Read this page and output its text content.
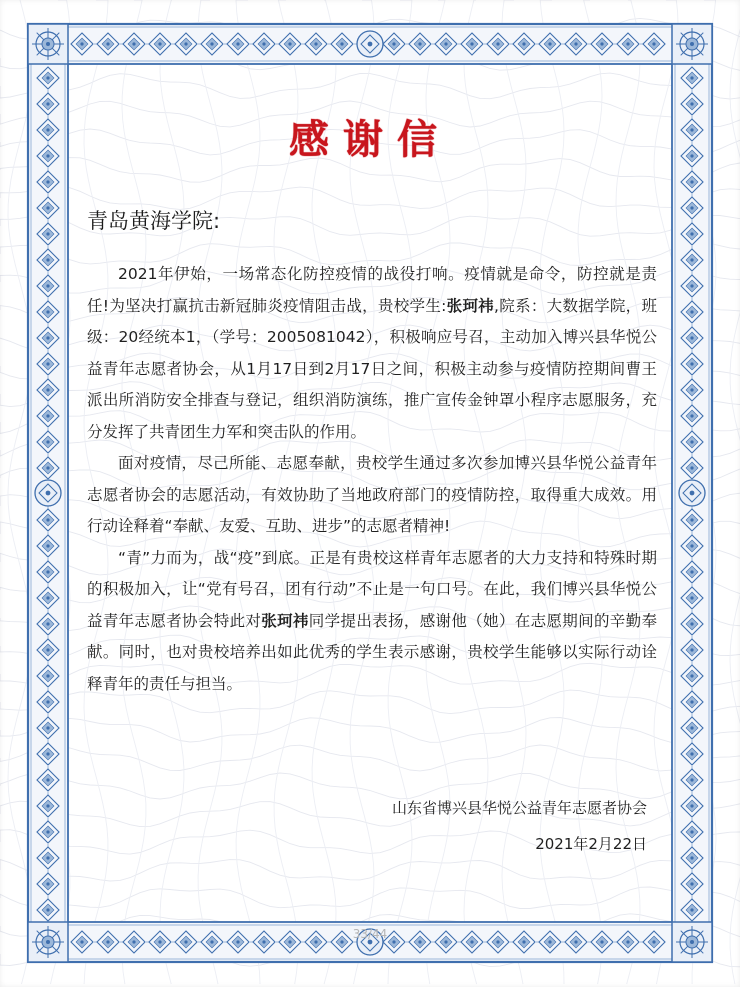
感谢信
青岛黄海学院:

2021年伊始，一场常态化防控疫情的战役打响。疫情就是命令，防控就是责任!为坚决打赢抗击新冠肺炎疫情阻击战，贵校学生:张珂祎,院系：大数据学院，班级：20经统本1，（学号：2005081042），积极响应号召，主动加入博兴县华悦公益青年志愿者协会，从1月17日到2月17日之间，积极主动参与疫情防控期间曹王派出所消防安全排查与登记，组织消防演练，推广宣传金钟罩小程序志愿服务，充分发挥了共青团生力军和突击队的作用。

面对疫情，尽己所能、志愿奉献，贵校学生通过多次参加博兴县华悦公益青年志愿者协会的志愿活动，有效协助了当地政府部门的疫情防控，取得重大成效。用行动诠释着“奉献、友爱、互助、进步”的志愿者精神!

“青”力而为，战“疫”到底。正是有贵校这样青年志愿者的大力支持和特殊时期的积极加入，让“党有号召，团有行动”不止是一句口号。在此，我们博兴县华悦公益青年志愿者协会特此对张珂祎同学提出表扬，感谢他（她）在志愿期间的辛勤奉献。同时，也对贵校培养出如此优秀的学生表示感谢，贵校学生能够以实际行动诠释青年的责任与担当。

山东省博兴县华悦公益青年志愿者协会
2021年2月22日
33/44
